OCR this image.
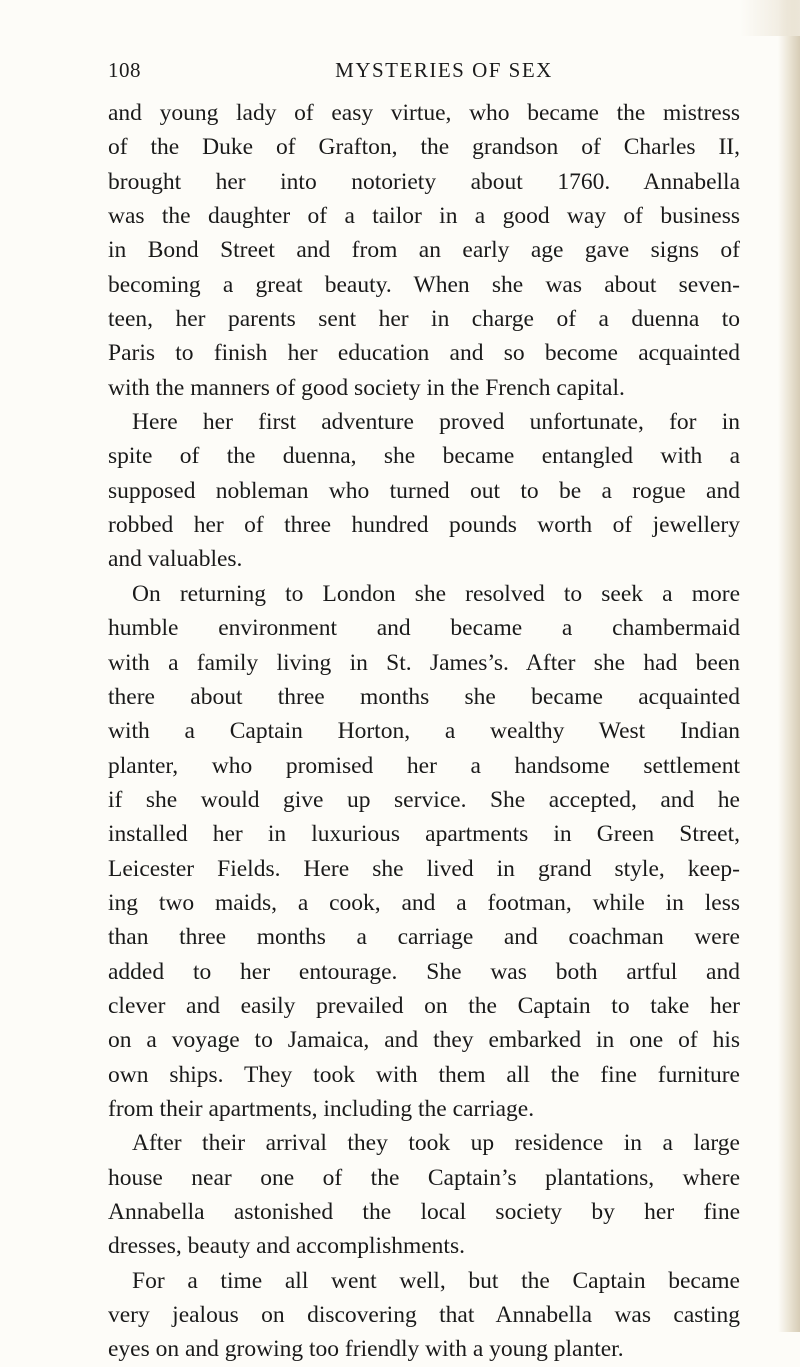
108	MYSTERIES OF SEX
and young lady of easy virtue, who became the mistress
of the Duke of Grafton, the grandson of Charles II,
brought her into notoriety about 1760. Annabella
was the daughter of a tailor in a good way of business
in Bond Street and from an early age gave signs of
becoming a great beauty. When she was about seven-
teen, her parents sent her in charge of a duenna to
Paris to finish her education and so become acquainted
with the manners of good society in the French capital.
Here her first adventure proved unfortunate, for in
spite of the duenna, she became entangled with a
supposed nobleman who turned out to be a rogue and
robbed her of three hundred pounds worth of jewellery
and valuables.
On returning to London she resolved to seek a more
humble environment and became a chambermaid
with a family living in St. James’s. After she had been
there about three months she became acquainted
with a Captain Horton, a wealthy West Indian
planter, who promised her a handsome settlement
if she would give up service. She accepted, and he
installed her in luxurious apartments in Green Street,
Leicester Fields. Here she lived in grand style, keep-
ing two maids, a cook, and a footman, while in less
than three months a carriage and coachman were
added to her entourage. She was both artful and
clever and easily prevailed on the Captain to take her
on a voyage to Jamaica, and they embarked in one of his
own ships. They took with them all the fine furniture
from their apartments, including the carriage.
After their arrival they took up residence in a large
house near one of the Captain’s plantations, where
Annabella astonished the local society by her fine
dresses, beauty and accomplishments.
For a time all went well, but the Captain became
very jealous on discovering that Annabella was casting
eyes on and growing too friendly with a young planter.
